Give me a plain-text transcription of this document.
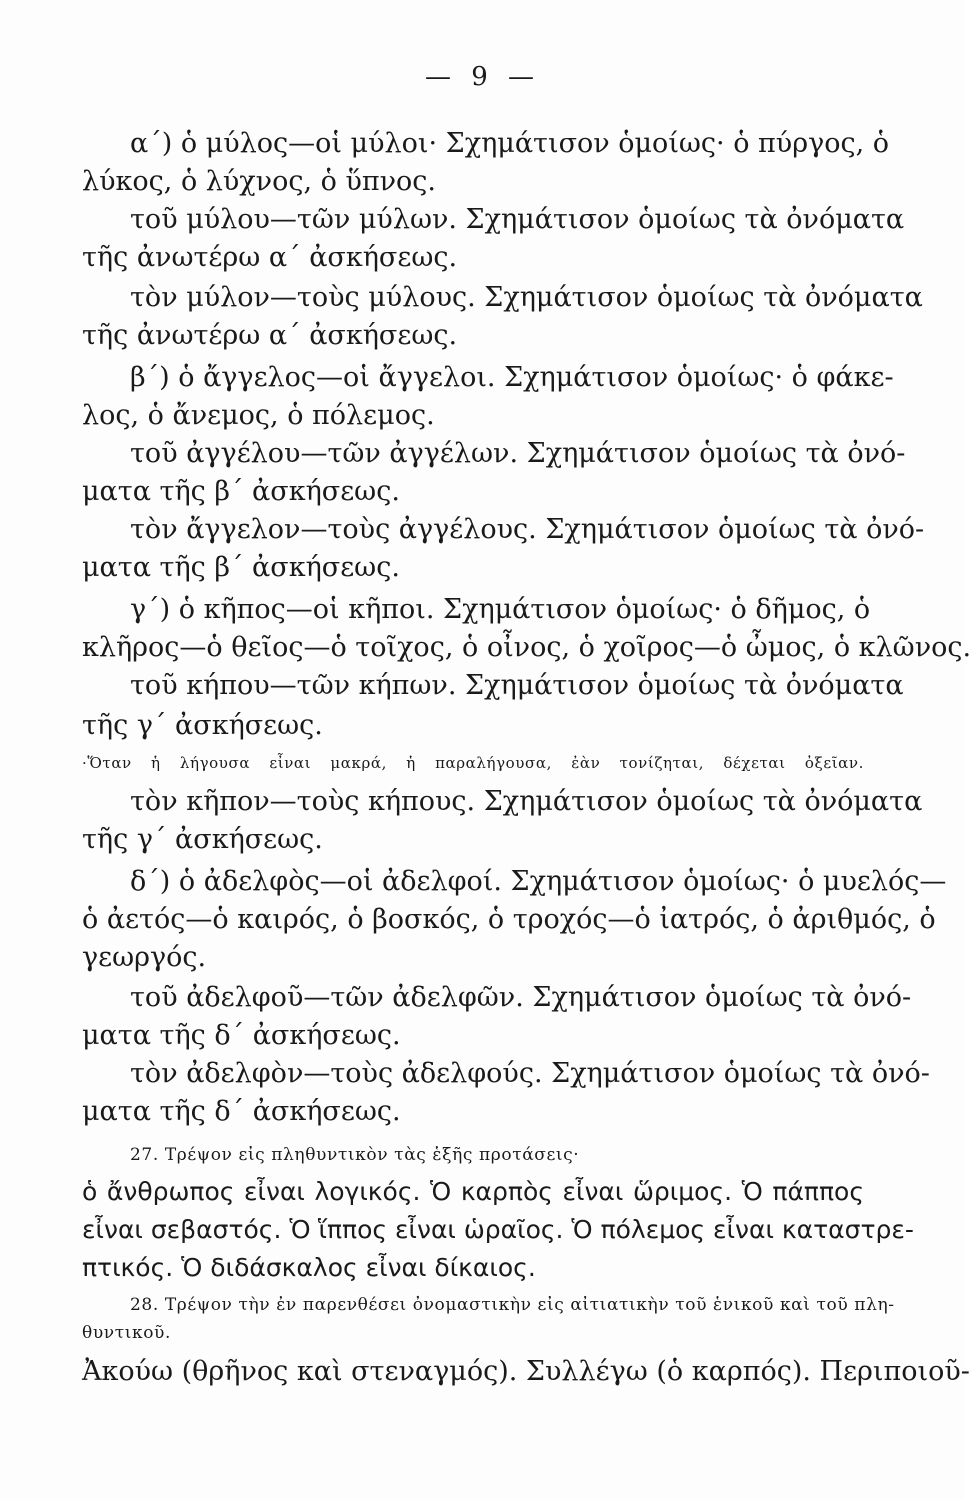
— 9 —

α΄) ὁ μύλος—οἱ μύλοι· Σχημάτισον ὁμοίως· ὁ πύργος, ὁ

λύκος, ὁ λύχνος, ὁ ὕπνος.

τοῦ μύλου—τῶν μύλων. Σχημάτισον ὁμοίως τὰ ὀνόματα

τῆς ἀνωτέρω α΄ ἀσκήσεως.

τὸν μύλον—τοὺς μύλους. Σχημάτισον ὁμοίως τὰ ὀνόματα

τῆς ἀνωτέρω α΄ ἀσκήσεως.

β΄) ὁ ἄγγελος—οἱ ἄγγελοι. Σχημάτισον ὁμοίως· ὁ φάκε-

λος, ὁ ἄνεμος, ὁ πόλεμος.

τοῦ ἀγγέλου—τῶν ἀγγέλων. Σχημάτισον ὁμοίως τὰ ὀνό-

ματα τῆς β΄ ἀσκήσεως.

τὸν ἄγγελον—τοὺς ἀγγέλους. Σχημάτισον ὁμοίως τὰ ὀνό-

ματα τῆς β΄ ἀσκήσεως.

γ΄) ὁ κῆπος—οἱ κῆποι. Σχημάτισον ὁμοίως· ὁ δῆμος, ὁ

κλῆρος—ὁ θεῖος—ὁ τοῖχος, ὁ οἶνος, ὁ χοῖρος—ὁ ὦμος, ὁ κλῶνος.

τοῦ κήπου—τῶν κήπων. Σχημάτισον ὁμοίως τὰ ὀνόματα

τῆς γ΄ ἀσκήσεως.

·Ὅταν ἡ λήγουσα εἶναι μακρά, ἡ παραλήγουσα, ἐὰν τονίζηται, δέχεται ὀξεῖαν.

τὸν κῆπον—τοὺς κήπους. Σχημάτισον ὁμοίως τὰ ὀνόματα

τῆς γ΄ ἀσκήσεως.

δ΄) ὁ ἀδελφὸς—οἱ ἀδελφοί. Σχημάτισον ὁμοίως· ὁ μυελός—

ὁ ἀετός—ὁ καιρός, ὁ βοσκός, ὁ τροχός—ὁ ἰατρός, ὁ ἀριθμός, ὁ

γεωργός.

τοῦ ἀδελφοῦ—τῶν ἀδελφῶν. Σχημάτισον ὁμοίως τὰ ὀνό-

ματα τῆς δ΄ ἀσκήσεως.

τὸν ἀδελφὸν—τοὺς ἀδελφούς. Σχημάτισον ὁμοίως τὰ ὀνό-

ματα τῆς δ΄ ἀσκήσεως.

27. Τρέψον εἰς πληθυντικὸν τὰς ἑξῆς προτάσεις·

ὁ ἄνθρωπος εἶναι λογικός. Ὁ καρπὸς εἶναι ὥριμος. Ὁ πάππος

εἶναι σεβαστός. Ὁ ἵππος εἶναι ὡραῖος. Ὁ πόλεμος εἶναι καταστρε-

πτικός. Ὁ διδάσκαλος εἶναι δίκαιος.

28. Τρέψον τὴν ἐν παρενθέσει ὀνομαστικὴν εἰς αἰτιατικὴν τοῦ ἑνικοῦ καὶ τοῦ πλη-

θυντικοῦ.

Ἀκούω (θρῆνος καὶ στεναγμός). Συλλέγω (ὁ καρπός). Περιποιοῦ-
